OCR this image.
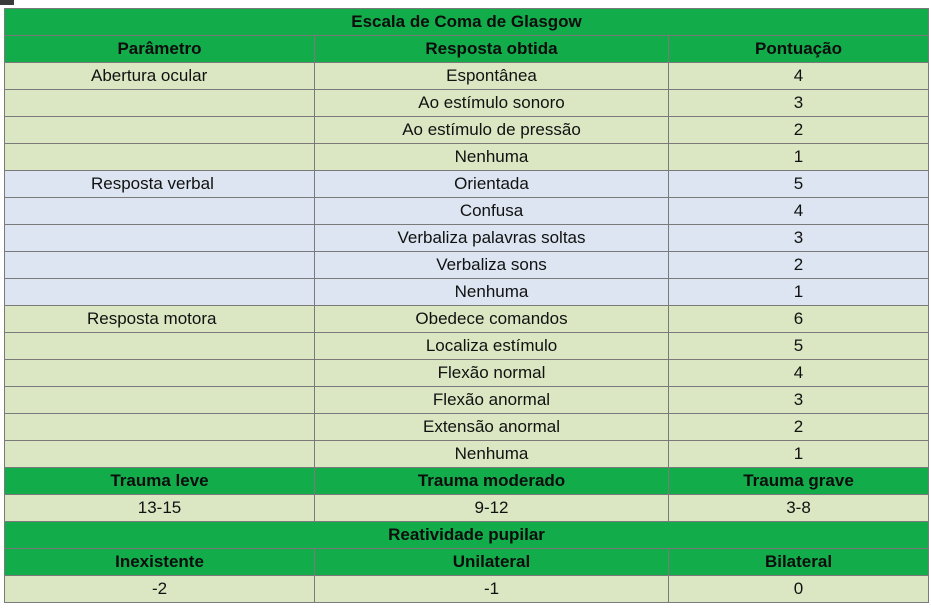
Escala de Coma de Glasgow		
Parâmetro	Resposta obtida	Pontuação
Abertura ocular	Espontânea	4
	Ao estímulo sonoro	3
	Ao estímulo de pressão	2
	Nenhuma	1
Resposta verbal	Orientada	5
	Confusa	4
	Verbaliza palavras soltas	3
	Verbaliza sons	2
	Nenhuma	1
Resposta motora	Obedece comandos	6
	Localiza estímulo	5
	Flexão normal	4
	Flexão anormal	3
	Extensão anormal	2
	Nenhuma	1
Trauma leve	Trauma moderado	Trauma grave
13-15	9-12	3-8
Reatividade pupilar		
Inexistente	Unilateral	Bilateral
-2	-1	0
